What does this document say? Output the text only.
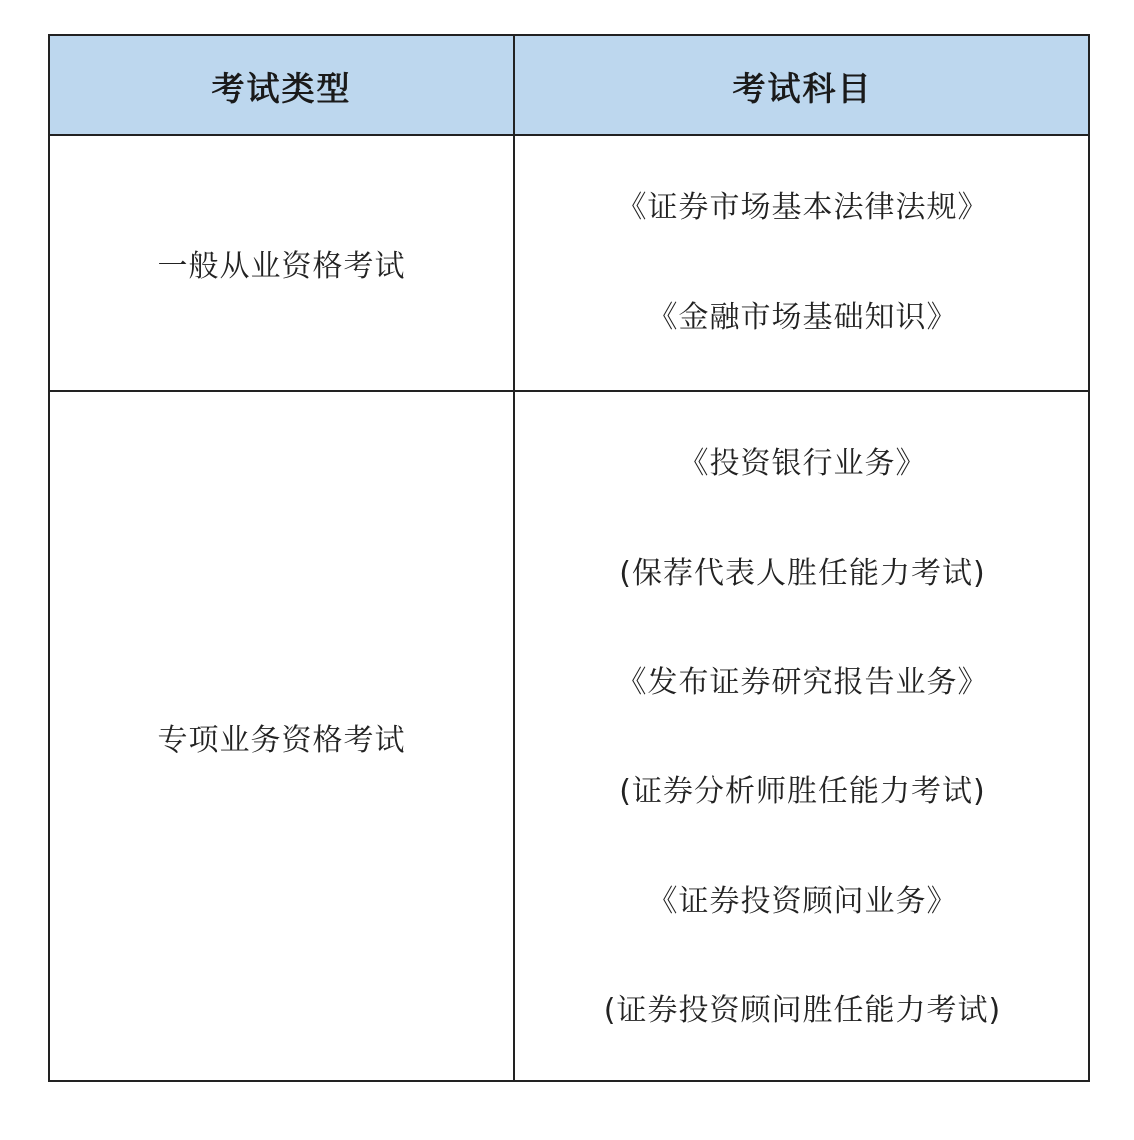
考试类型	考试科目
一般从业资格考试
《证券市场基本法律法规》
《金融市场基础知识》
专项业务资格考试
《投资银行业务》
(保荐代表人胜任能力考试)
《发布证券研究报告业务》
(证券分析师胜任能力考试)
《证券投资顾问业务》
(证券投资顾问胜任能力考试)
